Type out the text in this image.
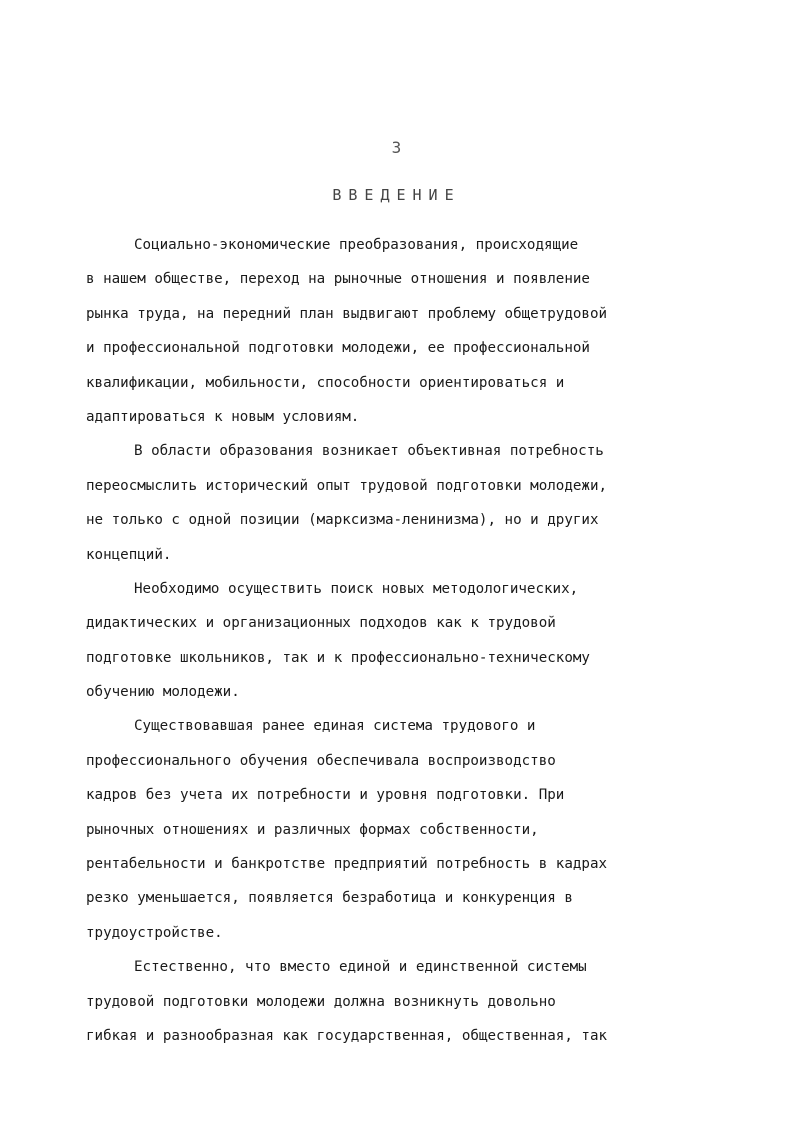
3
ВВЕДЕНИЕ
Социально-экономические преобразования, происходящие
в нашем обществе, переход на рыночные отношения и появление
рынка труда, на передний план выдвигают проблему общетрудовой
и профессиональной подготовки молодежи, ее профессиональной
квалификации, мобильности, способности ориентироваться и
адаптироваться к новым условиям.
В области образования возникает объективная потребность
переосмыслить исторический опыт трудовой подготовки молодежи,
не только с одной позиции (марксизма-ленинизма), но и других
концепций.
Необходимо осуществить поиск новых методологических,
дидактических и организационных подходов как к трудовой
подготовке школьников, так и к профессионально-техническому
обучению молодежи.
Существовавшая ранее единая система трудового и
профессионального обучения обеспечивала воспроизводство
кадров без учета их потребности и уровня подготовки. При
рыночных отношениях и различных формах собственности,
рентабельности и банкротстве предприятий потребность в кадрах
резко уменьшается, появляется безработица и конкуренция в
трудоустройстве.
Естественно, что вместо единой и единственной системы
трудовой подготовки молодежи должна возникнуть довольно
гибкая и разнообразная как государственная, общественная, так
